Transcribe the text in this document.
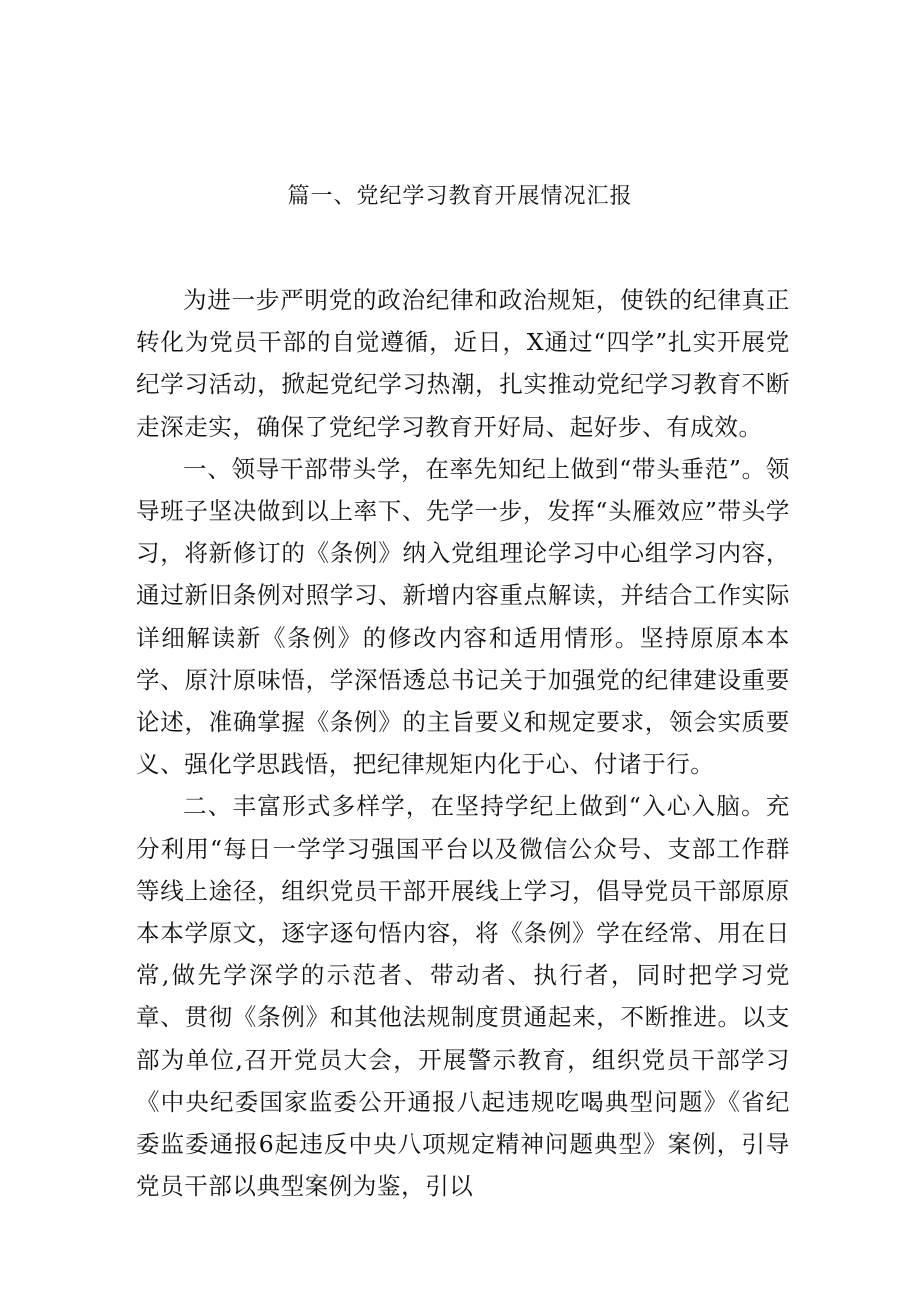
篇一、党纪学习教育开展情况汇报

为进一步严明党的政治纪律和政治规矩，使铁的纪律真正转化为党员干部的自觉遵循，近日，X通过“四学”扎实开展党纪学习活动，掀起党纪学习热潮，扎实推动党纪学习教育不断走深走实，确保了党纪学习教育开好局、起好步、有成效。

一、领导干部带头学，在率先知纪上做到“带头垂范”。领导班子坚决做到以上率下、先学一步，发挥“头雁效应”带头学习，将新修订的《条例》纳入党组理论学习中心组学习内容，通过新旧条例对照学习、新增内容重点解读，并结合工作实际详细解读新《条例》的修改内容和适用情形。坚持原原本本学、原汁原味悟，学深悟透总书记关于加强党的纪律建设重要论述，准确掌握《条例》的主旨要义和规定要求，领会实质要义、强化学思践悟，把纪律规矩内化于心、付诸于行。

二、丰富形式多样学，在坚持学纪上做到“入心入脑。充分利用“每日一学学习强国平台以及微信公众号、支部工作群等线上途径，组织党员干部开展线上学习，倡导党员干部原原本本学原文，逐字逐句悟内容，将《条例》学在经常、用在日常,做先学深学的示范者、带动者、执行者，同时把学习党章、贯彻《条例》和其他法规制度贯通起来，不断推进。以支部为单位,召开党员大会，开展警示教育，组织党员干部学习《中央纪委国家监委公开通报八起违规吃喝典型问题》《省纪委监委通报6起违反中央八项规定精神问题典型》案例，引导党员干部以典型案例为鉴，引以
